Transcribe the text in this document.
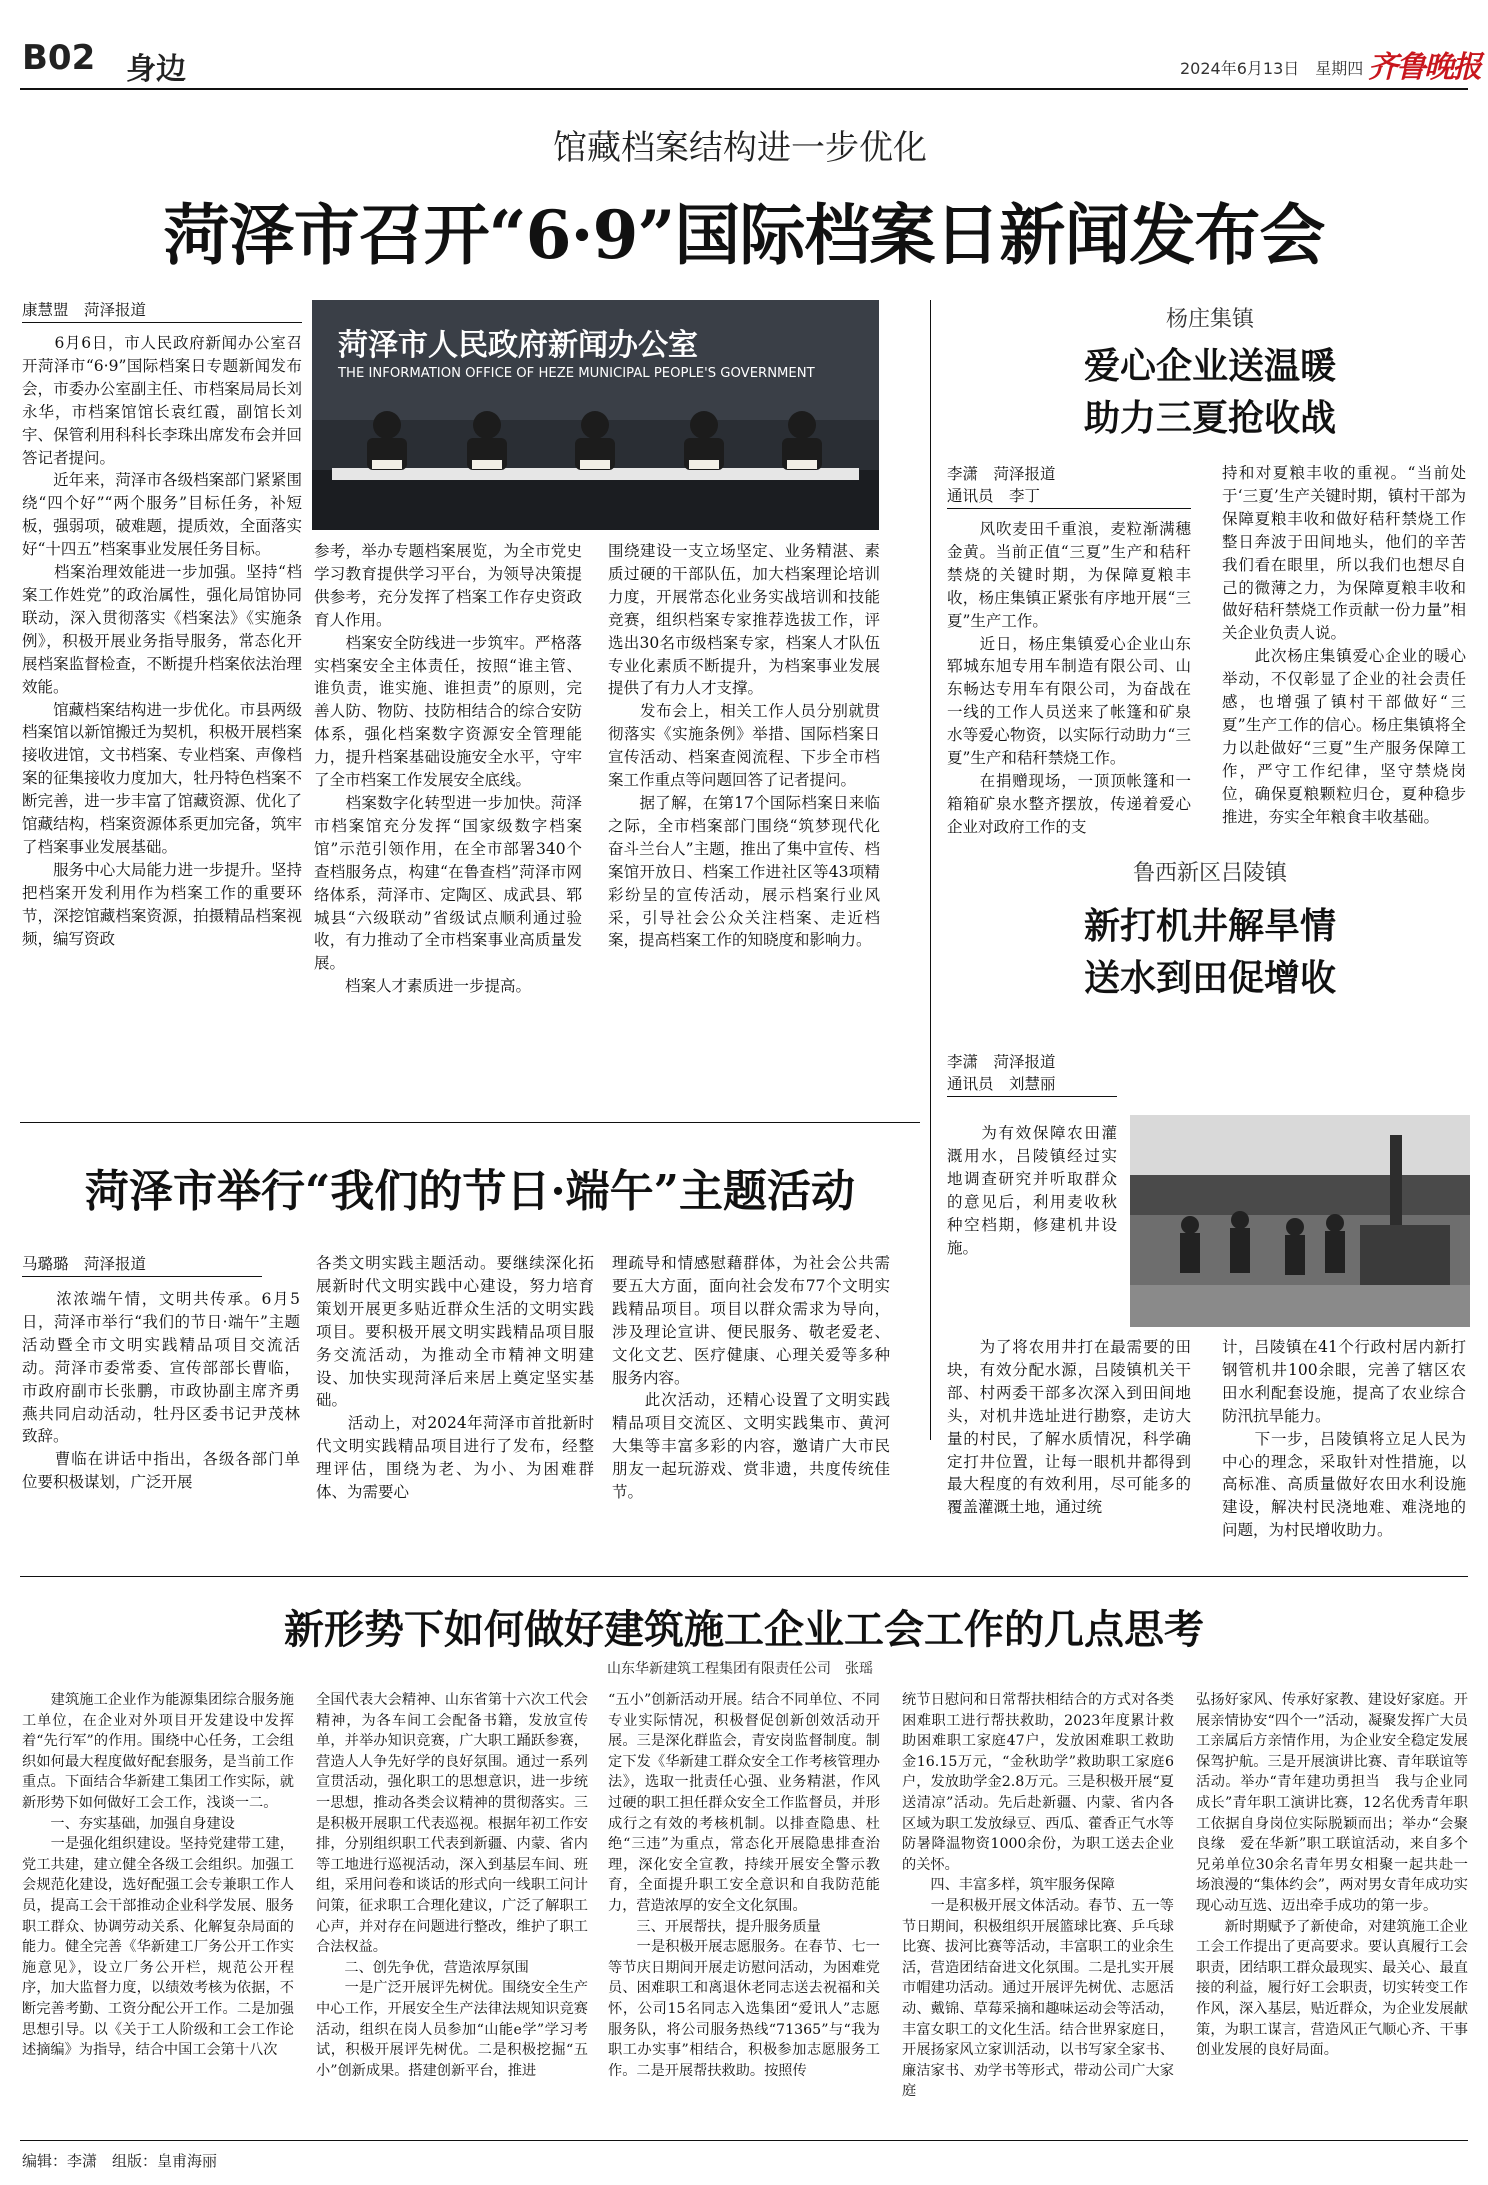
B02 身边	2024年6月13日　星期四 齐鲁晚报
馆藏档案结构进一步优化
菏泽市召开“6·9”国际档案日新闻发布会
康慧盟　菏泽报道
　　6月6日，市人民政府新闻办公室召开菏泽市“6·9”国际档案日专题新闻发布会，市委办公室副主任、市档案局局长刘永华，市档案馆馆长袁红霞，副馆长刘宇、保管利用科科长李珠出席发布会并回答记者提问。
　　近年来，菏泽市各级档案部门紧紧围绕“四个好”“两个服务”目标任务，补短板，强弱项，破难题，提质效，全面落实好“十四五”档案事业发展任务目标。
　　档案治理效能进一步加强。坚持“档案工作姓党”的政治属性，强化局馆协同联动，深入贯彻落实《档案法》《实施条例》，积极开展业务指导服务，常态化开展档案监督检查，不断提升档案依法治理效能。
　　馆藏档案结构进一步优化。市县两级档案馆以新馆搬迁为契机，积极开展档案接收进馆，文书档案、专业档案、声像档案的征集接收力度加大，牡丹特色档案不断完善，进一步丰富了馆藏资源、优化了馆藏结构，档案资源体系更加完备，筑牢了档案事业发展基础。
　　服务中心大局能力进一步提升。坚持把档案开发利用作为档案工作的重要环节，深挖馆藏档案资源，拍摄精品档案视频，编写资政
菏泽市人民政府新闻办公室
THE INFORMATION OFFICE OF HEZE MUNICIPAL PEOPLE'S GOVERNMENT
参考，举办专题档案展览，为全市党史学习教育提供学习平台，为领导决策提供参考，充分发挥了档案工作存史资政育人作用。
　　档案安全防线进一步筑牢。严格落实档案安全主体责任，按照“谁主管、谁负责，谁实施、谁担责”的原则，完善人防、物防、技防相结合的综合安防体系，强化档案数字资源安全管理能力，提升档案基础设施安全水平，守牢了全市档案工作发展安全底线。
　　档案数字化转型进一步加快。菏泽市档案馆充分发挥“国家级数字档案馆”示范引领作用，在全市部署340个查档服务点，构建“在鲁查档”菏泽市网络体系，菏泽市、定陶区、成武县、郓城县“六级联动”省级试点顺利通过验收，有力推动了全市档案事业高质量发展。
　　档案人才素质进一步提高。
围绕建设一支立场坚定、业务精湛、素质过硬的干部队伍，加大档案理论培训力度，开展常态化业务实战培训和技能竞赛，组织档案专家推荐选拔工作，评选出30名市级档案专家，档案人才队伍专业化素质不断提升，为档案事业发展提供了有力人才支撑。
　　发布会上，相关工作人员分别就贯彻落实《实施条例》举措、国际档案日宣传活动、档案查阅流程、下步全市档案工作重点等问题回答了记者提问。
　　据了解，在第17个国际档案日来临之际，全市档案部门围绕“筑梦现代化　奋斗兰台人”主题，推出了集中宣传、档案馆开放日、档案工作进社区等43项精彩纷呈的宣传活动，展示档案行业风采，引导社会公众关注档案、走近档案，提高档案工作的知晓度和影响力。
杨庄集镇
爱心企业送温暖
助力三夏抢收战
李潇　菏泽报道
通讯员　李丁
　　风吹麦田千重浪，麦粒渐满穗金黄。当前正值“三夏”生产和秸秆禁烧的关键时期，为保障夏粮丰收，杨庄集镇正紧张有序地开展“三夏”生产工作。
　　近日，杨庄集镇爱心企业山东郓城东旭专用车制造有限公司、山东畅达专用车有限公司，为奋战在一线的工作人员送来了帐篷和矿泉水等爱心物资，以实际行动助力“三夏”生产和秸秆禁烧工作。
　　在捐赠现场，一顶顶帐篷和一箱箱矿泉水整齐摆放，传递着爱心企业对政府工作的支
持和对夏粮丰收的重视。“当前处于‘三夏’生产关键时期，镇村干部为保障夏粮丰收和做好秸秆禁烧工作整日奔波于田间地头，他们的辛苦我们看在眼里，所以我们也想尽自己的微薄之力，为保障夏粮丰收和做好秸秆禁烧工作贡献一份力量”相关企业负责人说。
　　此次杨庄集镇爱心企业的暖心举动，不仅彰显了企业的社会责任感，也增强了镇村干部做好“三夏”生产工作的信心。杨庄集镇将全力以赴做好“三夏”生产服务保障工作，严守工作纪律，坚守禁烧岗位，确保夏粮颗粒归仓，夏种稳步推进，夯实全年粮食丰收基础。
鲁西新区吕陵镇
新打机井解旱情
送水到田促增收
李潇　菏泽报道
通讯员　刘慧丽
　　为有效保障农田灌溉用水，吕陵镇经过实地调查研究并听取群众的意见后，利用麦收秋种空档期，修建机井设施。
　　为了将农用井打在最需要的田块，有效分配水源，吕陵镇机关干部、村两委干部多次深入到田间地头，对机井选址进行勘察，走访大量的村民，了解水质情况，科学确定打井位置，让每一眼机井都得到最大程度的有效利用，尽可能多的覆盖灌溉土地，通过统
计，吕陵镇在41个行政村居内新打钢管机井100余眼，完善了辖区农田水利配套设施，提高了农业综合防汛抗旱能力。
　　下一步，吕陵镇将立足人民为中心的理念，采取针对性措施，以高标准、高质量做好农田水利设施建设，解决村民浇地难、难浇地的问题，为村民增收助力。
菏泽市举行“我们的节日·端午”主题活动
马璐璐　菏泽报道
　　浓浓端午情，文明共传承。6月5日，菏泽市举行“我们的节日·端午”主题活动暨全市文明实践精品项目交流活动。菏泽市委常委、宣传部部长曹临，市政府副市长张鹏，市政协副主席齐勇燕共同启动活动，牡丹区委书记尹茂林致辞。
　　曹临在讲话中指出，各级各部门单位要积极谋划，广泛开展
各类文明实践主题活动。要继续深化拓展新时代文明实践中心建设，努力培育策划开展更多贴近群众生活的文明实践项目。要积极开展文明实践精品项目服务交流活动，为推动全市精神文明建设、加快实现菏泽后来居上奠定坚实基础。
　　活动上，对2024年菏泽市首批新时代文明实践精品项目进行了发布，经整理评估，围绕为老、为小、为困难群体、为需要心
理疏导和情感慰藉群体，为社会公共需要五大方面，面向社会发布77个文明实践精品项目。项目以群众需求为导向，涉及理论宣讲、便民服务、敬老爱老、文化文艺、医疗健康、心理关爱等多种服务内容。
　　此次活动，还精心设置了文明实践精品项目交流区、文明实践集市、黄河大集等丰富多彩的内容，邀请广大市民朋友一起玩游戏、赏非遗，共度传统佳节。
新形势下如何做好建筑施工企业工会工作的几点思考
山东华新建筑工程集团有限责任公司　张瑶
　　建筑施工企业作为能源集团综合服务施工单位，在企业对外项目开发建设中发挥着“先行军”的作用。围绕中心任务，工会组织如何最大程度做好配套服务，是当前工作重点。下面结合华新建工集团工作实际，就新形势下如何做好工会工作，浅谈一二。
　　一、夯实基础，加强自身建设
　　一是强化组织建设。坚持党建带工建，党工共建，建立健全各级工会组织。加强工会规范化建设，选好配强工会专兼职工作人员，提高工会干部推动企业科学发展、服务职工群众、协调劳动关系、化解复杂局面的能力。健全完善《华新建工厂务公开工作实施意见》，设立厂务公开栏，规范公开程序，加大监督力度，以绩效考核为依据，不断完善考勤、工资分配公开工作。二是加强思想引导。以《关于工人阶级和工会工作论述摘编》为指导，结合中国工会第十八次
全国代表大会精神、山东省第十六次工代会精神，为各车间工会配备书籍，发放宣传单，并举办知识竞赛，广大职工踊跃参赛，营造人人争先好学的良好氛围。通过一系列宣贯活动，强化职工的思想意识，进一步统一思想，推动各类会议精神的贯彻落实。三是积极开展职工代表巡视。根据年初工作安排，分别组织职工代表到新疆、内蒙、省内等工地进行巡视活动，深入到基层车间、班组，采用问卷和谈话的形式向一线职工问计问策，征求职工合理化建议，广泛了解职工心声，并对存在问题进行整改，维护了职工合法权益。
　　二、创先争优，营造浓厚氛围
　　一是广泛开展评先树优。围绕安全生产中心工作，开展安全生产法律法规知识竞赛活动，组织在岗人员参加“山能e学”学习考试，积极开展评先树优。二是积极挖掘“五小”创新成果。搭建创新平台，推进
“五小”创新活动开展。结合不同单位、不同专业实际情况，积极督促创新创效活动开展。三是深化群监会，青安岗监督制度。制定下发《华新建工群众安全工作考核管理办法》，选取一批责任心强、业务精湛，作风过硬的职工担任群众安全工作监督员，并形成行之有效的考核机制。以排查隐患、杜绝“三违”为重点，常态化开展隐患排查治理，深化安全宣教，持续开展安全警示教育，全面提升职工安全意识和自我防范能力，营造浓厚的安全文化氛围。
　　三、开展帮扶，提升服务质量
　　一是积极开展志愿服务。在春节、七一等节庆日期间开展走访慰问活动，为困难党员、困难职工和离退休老同志送去祝福和关怀，公司15名同志入选集团“爱讯人”志愿服务队，将公司服务热线“71365”与“我为职工办实事”相结合，积极参加志愿服务工作。二是开展帮扶救助。按照传
统节日慰问和日常帮扶相结合的方式对各类困难职工进行帮扶救助，2023年度累计救助困难职工家庭47户，发放困难职工救助金16.15万元，“金秋助学”救助职工家庭6户，发放助学金2.8万元。三是积极开展“夏送清凉”活动。先后赴新疆、内蒙、省内各区域为职工发放绿豆、西瓜、藿香正气水等防暑降温物资1000余份，为职工送去企业的关怀。
　　四、丰富多样，筑牢服务保障
　　一是积极开展文体活动。春节、五一等节日期间，积极组织开展篮球比赛、乒乓球比赛、拔河比赛等活动，丰富职工的业余生活，营造团结奋进文化氛围。二是扎实开展市帽建功活动。通过开展评先树优、志愿活动、戴锦、草莓采摘和趣味运动会等活动，丰富女职工的文化生活。结合世界家庭日，开展扬家风立家训活动，以书写家全家书、廉洁家书、劝学书等形式，带动公司广大家庭
弘扬好家风、传承好家教、建设好家庭。开展亲情协安“四个一”活动，凝聚发挥广大员工亲属后方亲情作用，为企业安全稳定发展保驾护航。三是开展演讲比赛、青年联谊等活动。举办“青年建功勇担当　我与企业同成长”青年职工演讲比赛，12名优秀青年职工依据自身岗位实际脱颖而出；举办“会聚良缘　爱在华新”职工联谊活动，来自多个兄弟单位30余名青年男女相聚一起共赴一场浪漫的“集体约会”，两对男女青年成功实现心动互选、迈出牵手成功的第一步。
　　新时期赋予了新使命，对建筑施工企业工会工作提出了更高要求。要认真履行工会职责，团结职工群众最现实、最关心、最直接的利益，履行好工会职责，切实转变工作作风，深入基层，贴近群众，为企业发展献策，为职工谋言，营造风正气顺心齐、干事创业发展的良好局面。
编辑：李潇　组版：皇甫海丽
